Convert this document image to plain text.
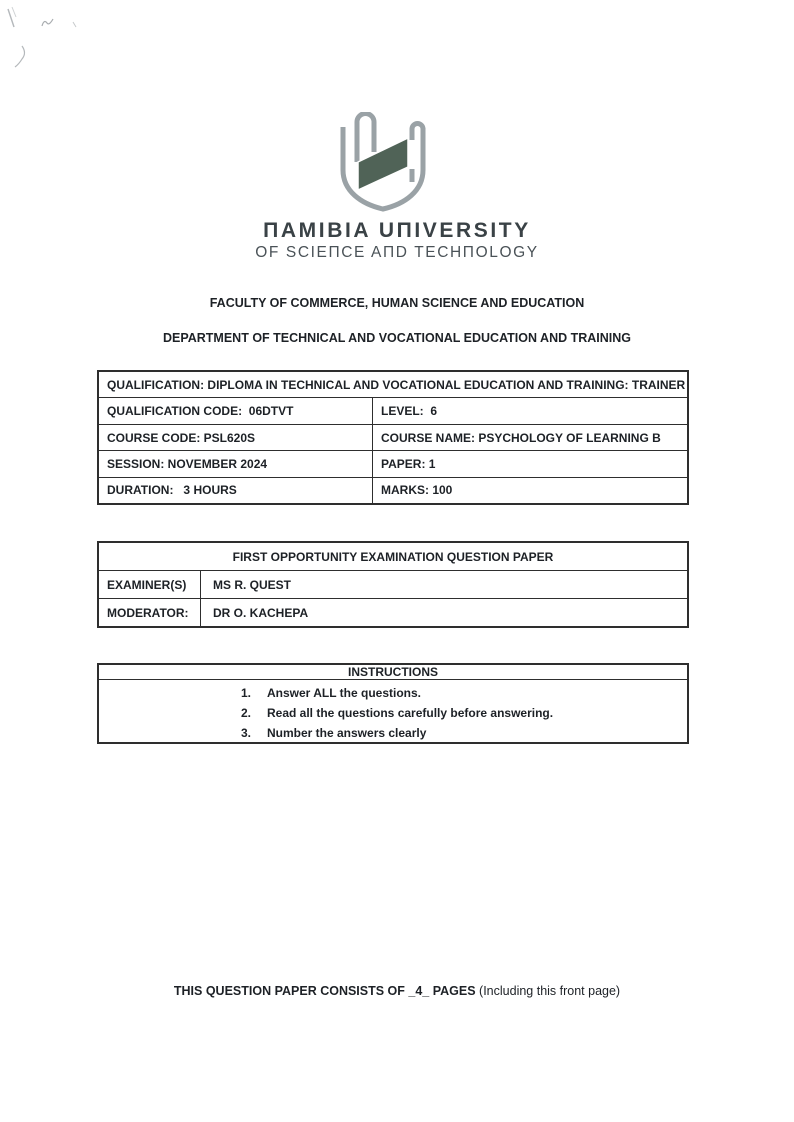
ΠAMIBIA UΠIVERSITY
OF SCIEΠCE AΠD TECHΠOLOGY
FACULTY OF COMMERCE, HUMAN SCIENCE AND EDUCATION
DEPARTMENT OF TECHNICAL AND VOCATIONAL EDUCATION AND TRAINING
QUALIFICATION: DIPLOMA IN TECHNICAL AND VOCATIONAL EDUCATION AND TRAINING: TRAINER
QUALIFICATION CODE:  06DTVT	LEVEL:  6
COURSE CODE: PSL620S	COURSE NAME: PSYCHOLOGY OF LEARNING B
SESSION: NOVEMBER 2024	PAPER: 1
DURATION:   3 HOURS	MARKS: 100
FIRST OPPORTUNITY EXAMINATION QUESTION PAPER
EXAMINER(S)	MS R. QUEST
MODERATOR:	DR O. KACHEPA
INSTRUCTIONS
1.	Answer ALL the questions.
2.	Read all the questions carefully before answering.
3.	Number the answers clearly

THIS QUESTION PAPER CONSISTS OF _4_ PAGES (Including this front page)
